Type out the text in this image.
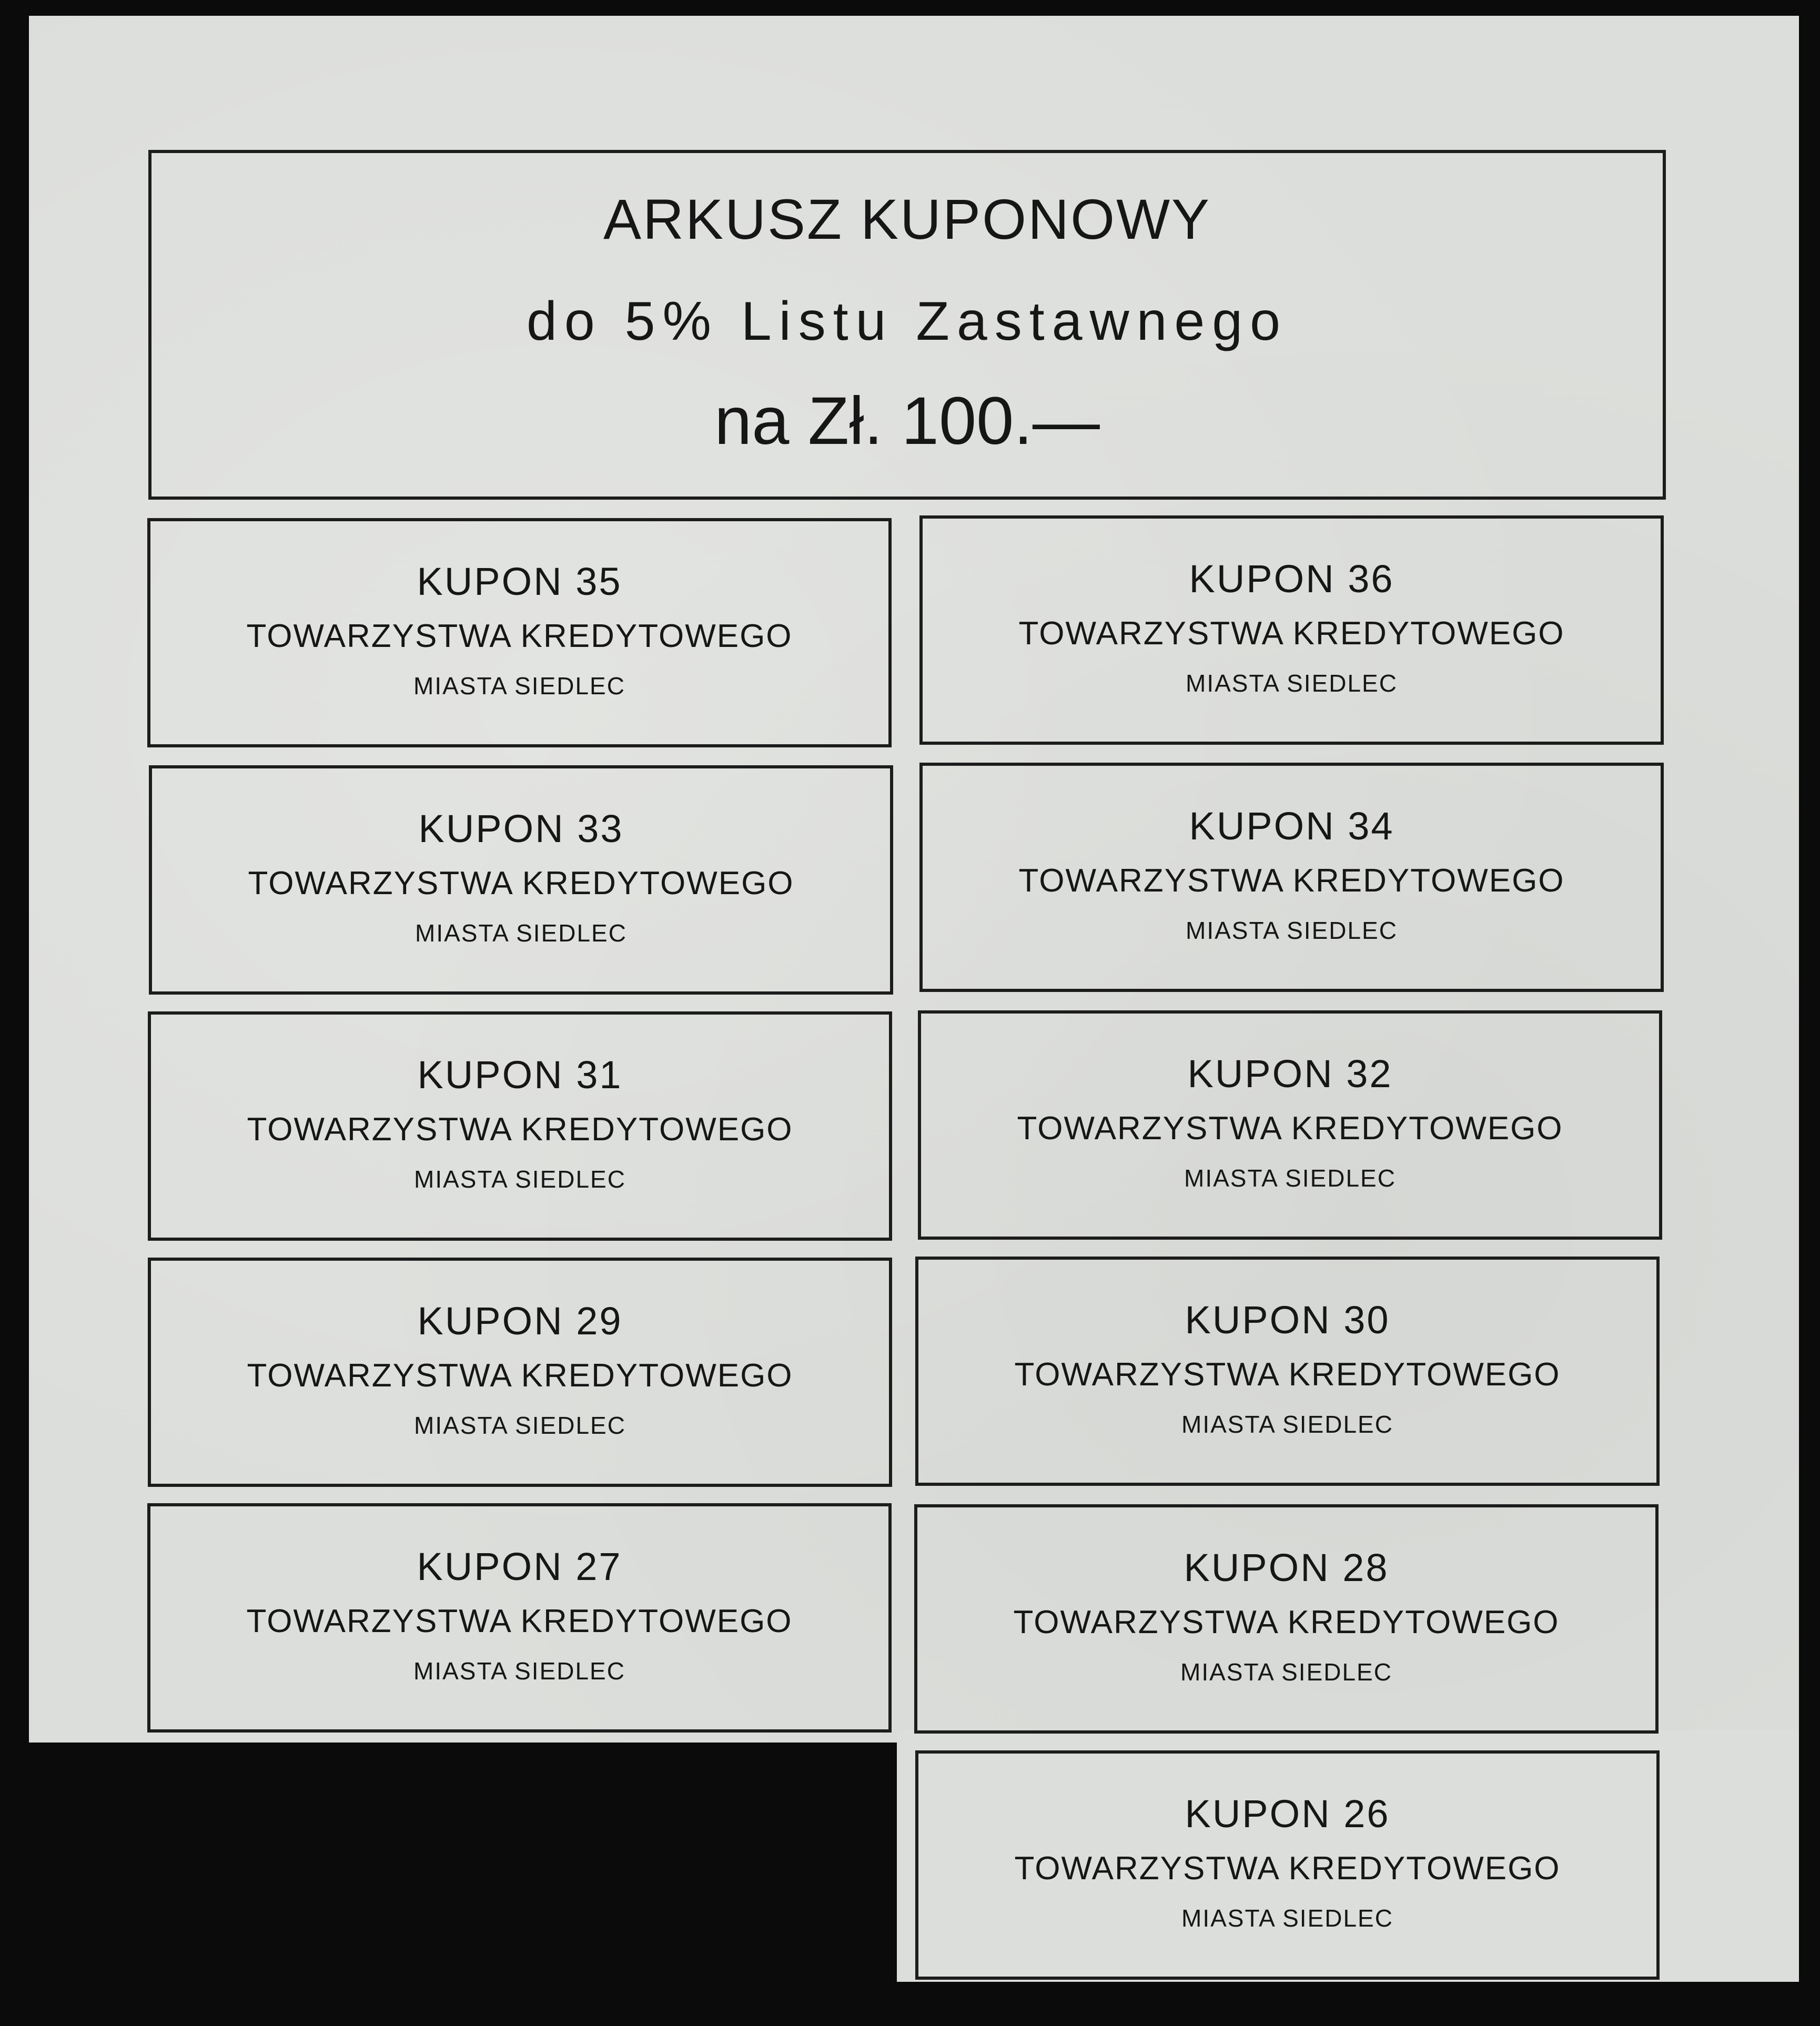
ARKUSZ KUPONOWY
do 5% Listu Zastawnego
na Zł. 100.—
KUPON 35
TOWARZYSTWA KREDYTOWEGO
MIASTA SIEDLEC
KUPON 36
TOWARZYSTWA KREDYTOWEGO
MIASTA SIEDLEC
KUPON 33
TOWARZYSTWA KREDYTOWEGO
MIASTA SIEDLEC
KUPON 34
TOWARZYSTWA KREDYTOWEGO
MIASTA SIEDLEC
KUPON 31
TOWARZYSTWA KREDYTOWEGO
MIASTA SIEDLEC
KUPON 32
TOWARZYSTWA KREDYTOWEGO
MIASTA SIEDLEC
KUPON 29
TOWARZYSTWA KREDYTOWEGO
MIASTA SIEDLEC
KUPON 30
TOWARZYSTWA KREDYTOWEGO
MIASTA SIEDLEC
KUPON 27
TOWARZYSTWA KREDYTOWEGO
MIASTA SIEDLEC
KUPON 28
TOWARZYSTWA KREDYTOWEGO
MIASTA SIEDLEC
KUPON 26
TOWARZYSTWA KREDYTOWEGO
MIASTA SIEDLEC
